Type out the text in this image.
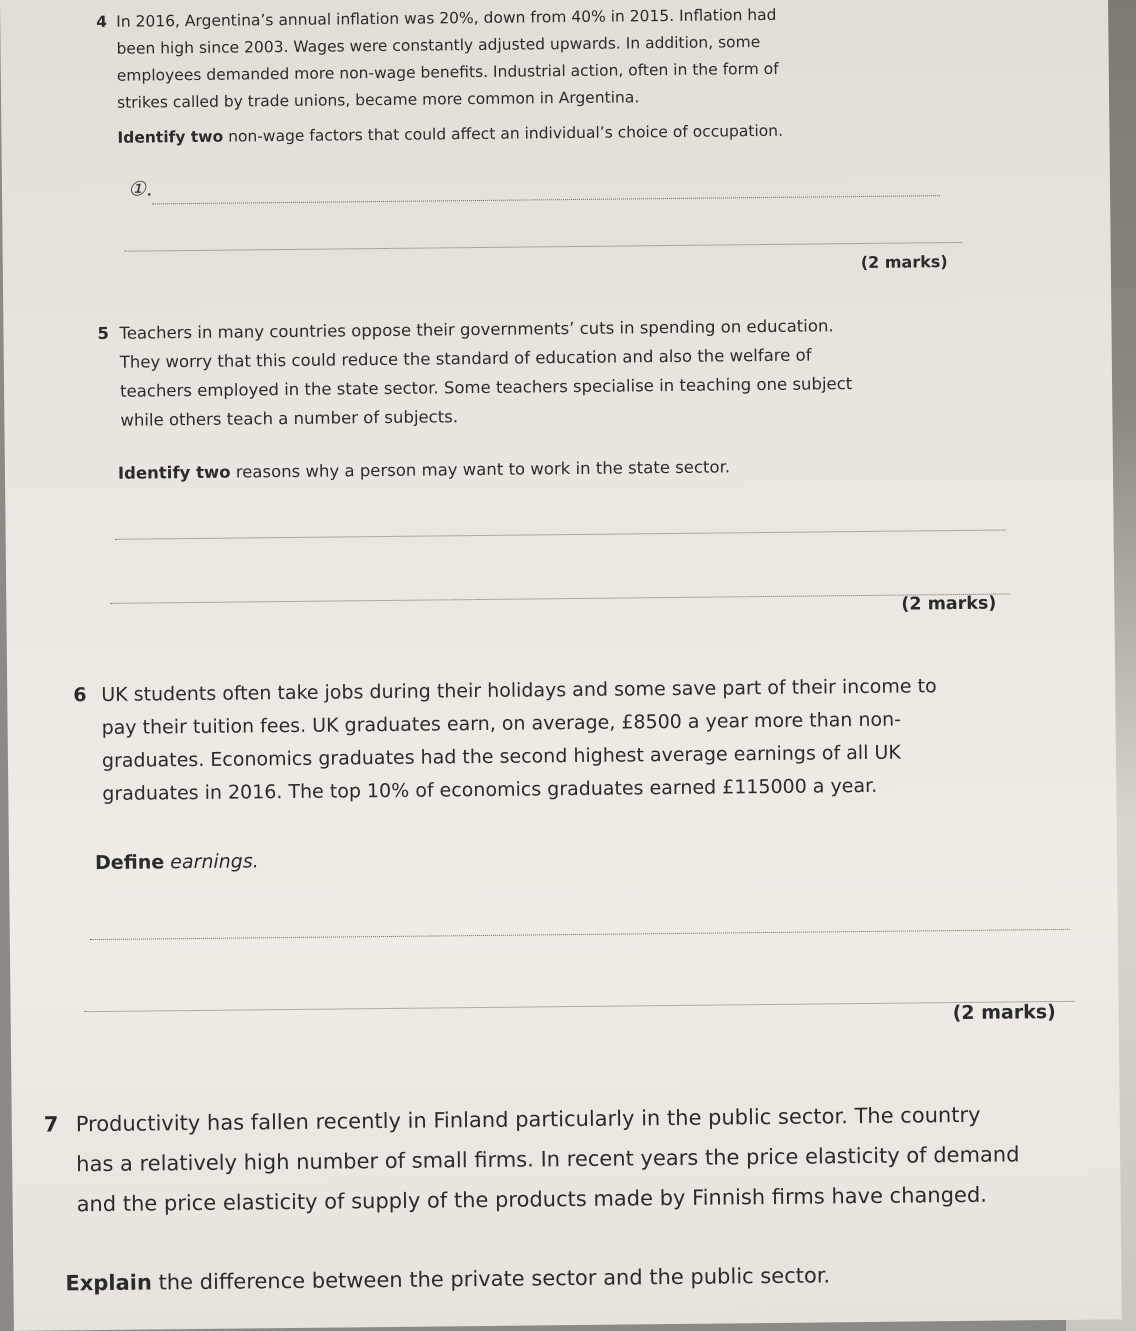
4 In 2016, Argentina’s annual inflation was 20%, down from 40% in 2015. Inflation had

been high since 2003. Wages were constantly adjusted upwards. In addition, some

employees demanded more non-wage benefits. Industrial action, often in the form of

strikes called by trade unions, became more common in Argentina.

Identify two non-wage factors that could affect an individual’s choice of occupation.
①.
(2 marks)
5 Teachers in many countries oppose their governments’ cuts in spending on education.

They worry that this could reduce the standard of education and also the welfare of

teachers employed in the state sector. Some teachers specialise in teaching one subject

while others teach a number of subjects.

Identify two reasons why a person may want to work in the state sector.
(2 marks)
6 UK students often take jobs during their holidays and some save part of their income to

pay their tuition fees. UK graduates earn, on average, £8500 a year more than non-

graduates. Economics graduates had the second highest average earnings of all UK

graduates in 2016. The top 10% of economics graduates earned £115000 a year.

Define earnings.
(2 marks)
7 Productivity has fallen recently in Finland particularly in the public sector. The country

has a relatively high number of small firms. In recent years the price elasticity of demand

and the price elasticity of supply of the products made by Finnish firms have changed.

Explain the difference between the private sector and the public sector.
